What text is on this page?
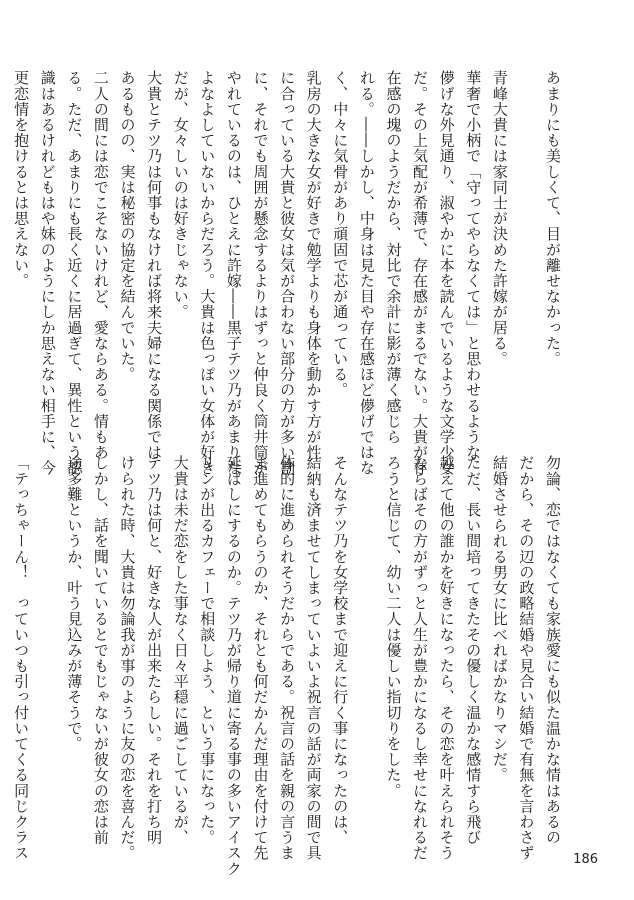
あまりにも美しくて、目が離せなかった。
青峰大貴には家同士が決めた許嫁が居る。
華奢で小柄で「守ってやらなくては」と思わせるような
儚げな外見通り、淑やかに本を読んでいるような文学少女
だ。その上気配が希薄で、存在感がまるでない。大貴が存
在感の塊のようだから、対比で余計に影が薄く感じら
れる。――しかし、中身は見た目や存在感ほど儚げではな
く、中々に気骨があり頑固で芯が通っている。
乳房の大きな女が好きで勉学よりも身体を動かす方が性
に合っている大貴と彼女は気が合わない部分の方が多い割
に、それでも周囲が懸念するよりはずっと仲良く筒井筒が
やれているのは、ひとえに許嫁――黒子テツ乃があまりな
よなよしていないからだろう。大貴は色っぽい女体が好き
だが、女々しいのは好きじゃない。
大貴とテツ乃は何事もなければ将来夫婦になる関係では
あるものの、実は秘密の協定を結んでいた。
二人の間には恋でこそないけれど、愛ならある。情もあ
る。ただ、あまりにも長く近くに居過ぎて、異性という認
識はあるけれどもはや妹のようにしか思えない相手に、今
更恋情を抱けるとは思えない。
勿論、恋ではなくても家族愛にも似た温かな情はあるの
だから、その辺の政略結婚や見合い結婚で有無を言わさず
結婚させられる男女に比べればかなりマシだ。
ただ、長い間培ってきたその優しく温かな感情すら飛び
越えて他の誰かを好きになったら、その恋を叶えられそう
ならばその方がずっと人生が豊かになるし幸せになれるだ
ろうと信じて、幼い二人は優しい指切りをした。
そんなテツ乃を女学校まで迎えに行く事になったのは、
結納も済ませてしまっていよいよ祝言の話が両家の間で具
体的に進められそうだからである。祝言の話を親の言うま
ま進めてもらうのか、それとも何だかんだ理由を付けて先
延ばしにするのか。テツ乃が帰り道に寄る事の多いアイスク
リンが出るカフェーで相談しよう、という事になった。
大貴は未だ恋をした事なく日々平穏に過ごしているが、
テツ乃は何と、好きな人が出来たらしい。それを打ち明
けられた時、大貴は勿論我が事のように友の恋を喜んだ。
しかし、話を聞いているとでもじゃないが彼女の恋は前
途多難というか、叶う見込みが薄そうで。
「テっちゃーん！　っていつも引っ付いてくる同じクラス	186
